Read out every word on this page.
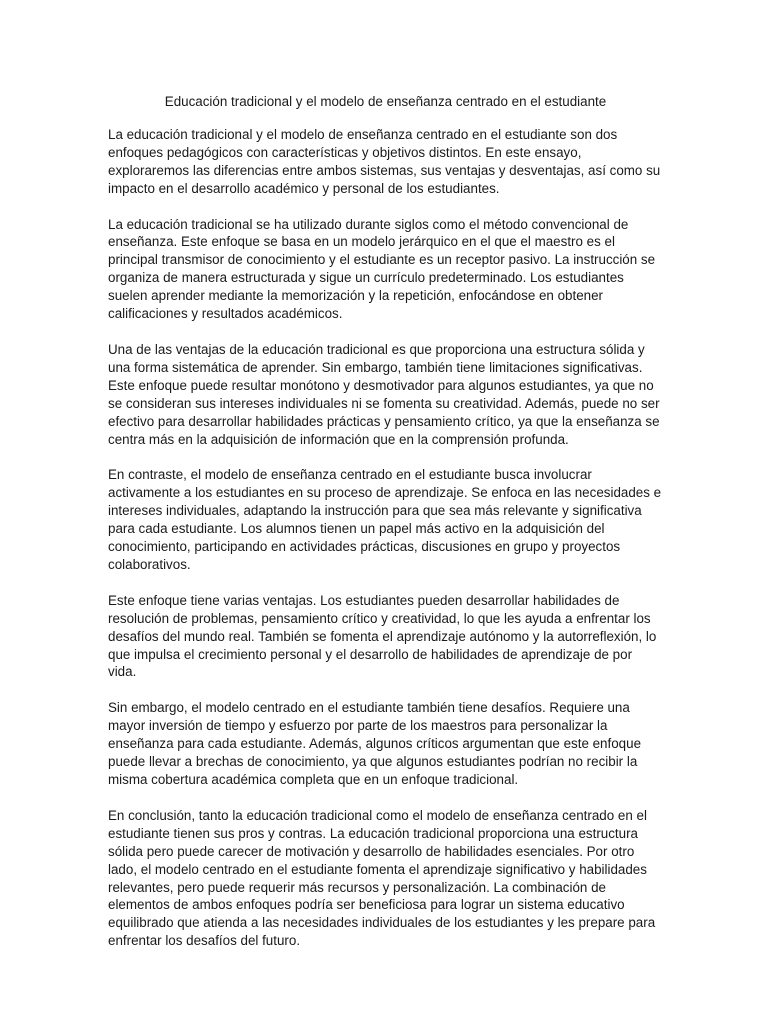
Educación tradicional y el modelo de enseñanza centrado en el estudiante

La educación tradicional y el modelo de enseñanza centrado en el estudiante son dos enfoques pedagógicos con características y objetivos distintos. En este ensayo, exploraremos las diferencias entre ambos sistemas, sus ventajas y desventajas, así como su impacto en el desarrollo académico y personal de los estudiantes.

La educación tradicional se ha utilizado durante siglos como el método convencional de enseñanza. Este enfoque se basa en un modelo jerárquico en el que el maestro es el principal transmisor de conocimiento y el estudiante es un receptor pasivo. La instrucción se organiza de manera estructurada y sigue un currículo predeterminado. Los estudiantes suelen aprender mediante la memorización y la repetición, enfocándose en obtener calificaciones y resultados académicos.

Una de las ventajas de la educación tradicional es que proporciona una estructura sólida y una forma sistemática de aprender. Sin embargo, también tiene limitaciones significativas. Este enfoque puede resultar monótono y desmotivador para algunos estudiantes, ya que no se consideran sus intereses individuales ni se fomenta su creatividad. Además, puede no ser efectivo para desarrollar habilidades prácticas y pensamiento crítico, ya que la enseñanza se centra más en la adquisición de información que en la comprensión profunda.

En contraste, el modelo de enseñanza centrado en el estudiante busca involucrar activamente a los estudiantes en su proceso de aprendizaje. Se enfoca en las necesidades e intereses individuales, adaptando la instrucción para que sea más relevante y significativa para cada estudiante. Los alumnos tienen un papel más activo en la adquisición del conocimiento, participando en actividades prácticas, discusiones en grupo y proyectos colaborativos.

Este enfoque tiene varias ventajas. Los estudiantes pueden desarrollar habilidades de resolución de problemas, pensamiento crítico y creatividad, lo que les ayuda a enfrentar los desafíos del mundo real. También se fomenta el aprendizaje autónomo y la autorreflexión, lo que impulsa el crecimiento personal y el desarrollo de habilidades de aprendizaje de por vida.

Sin embargo, el modelo centrado en el estudiante también tiene desafíos. Requiere una mayor inversión de tiempo y esfuerzo por parte de los maestros para personalizar la enseñanza para cada estudiante. Además, algunos críticos argumentan que este enfoque puede llevar a brechas de conocimiento, ya que algunos estudiantes podrían no recibir la misma cobertura académica completa que en un enfoque tradicional.

En conclusión, tanto la educación tradicional como el modelo de enseñanza centrado en el estudiante tienen sus pros y contras. La educación tradicional proporciona una estructura sólida pero puede carecer de motivación y desarrollo de habilidades esenciales. Por otro lado, el modelo centrado en el estudiante fomenta el aprendizaje significativo y habilidades relevantes, pero puede requerir más recursos y personalización. La combinación de elementos de ambos enfoques podría ser beneficiosa para lograr un sistema educativo equilibrado que atienda a las necesidades individuales de los estudiantes y les prepare para enfrentar los desafíos del futuro.
